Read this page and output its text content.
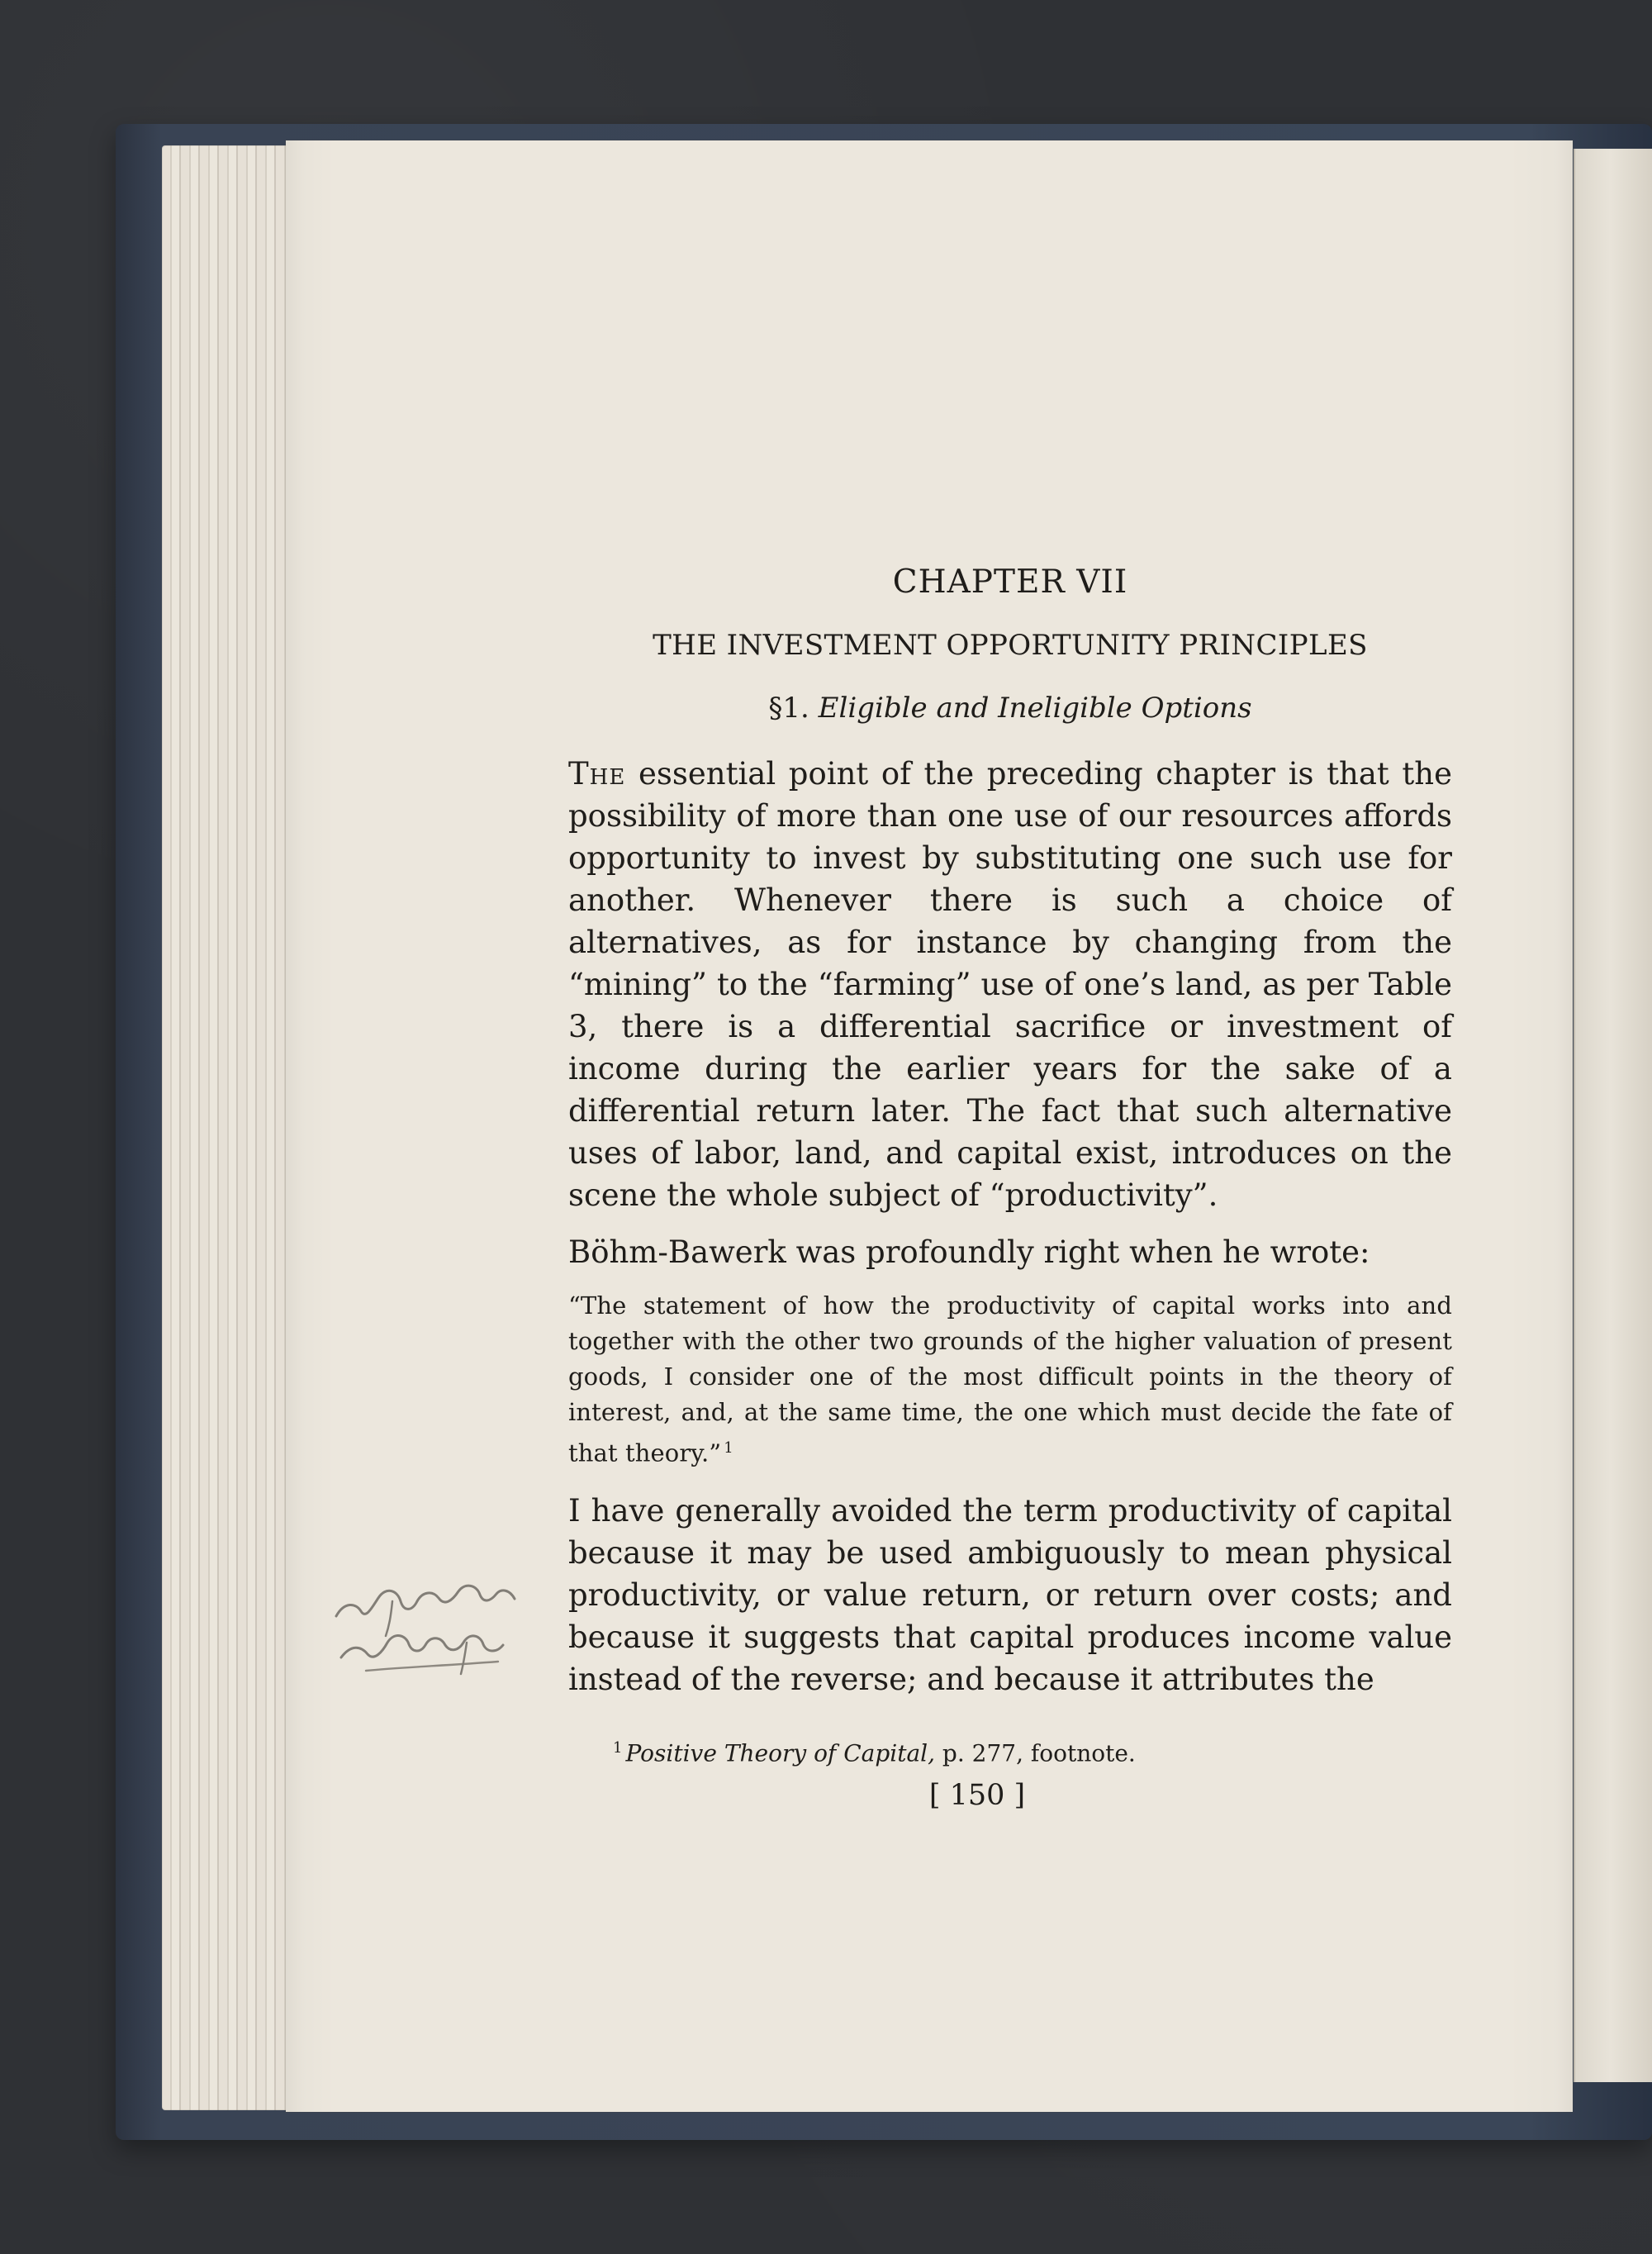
CHAPTER VII
THE INVESTMENT OPPORTUNITY PRINCIPLES
§1. Eligible and Ineligible Options

The essential point of the preceding chapter is that the possibility of more than one use of our resources affords opportunity to invest by substituting one such use for another. Whenever there is such a choice of alternatives, as for instance by changing from the “mining” to the “farming” use of one’s land, as per Table 3, there is a differential sacrifice or investment of income during the earlier years for the sake of a differential return later. The fact that such alternative uses of labor, land, and capital exist, introduces on the scene the whole subject of “productivity”.

Böhm-Bawerk was profoundly right when he wrote:

“The statement of how the productivity of capital works into and together with the other two grounds of the higher valuation of present goods, I consider one of the most difficult points in the theory of interest, and, at the same time, the one which must decide the fate of that theory.” $^1$

I have generally avoided the term productivity of capital because it may be used ambiguously to mean physical productivity, or value return, or return over costs; and because it suggests that capital produces income value instead of the reverse; and because it attributes the

$^1$ Positive Theory of Capital, p. 277, footnote.
[ 150 ]
